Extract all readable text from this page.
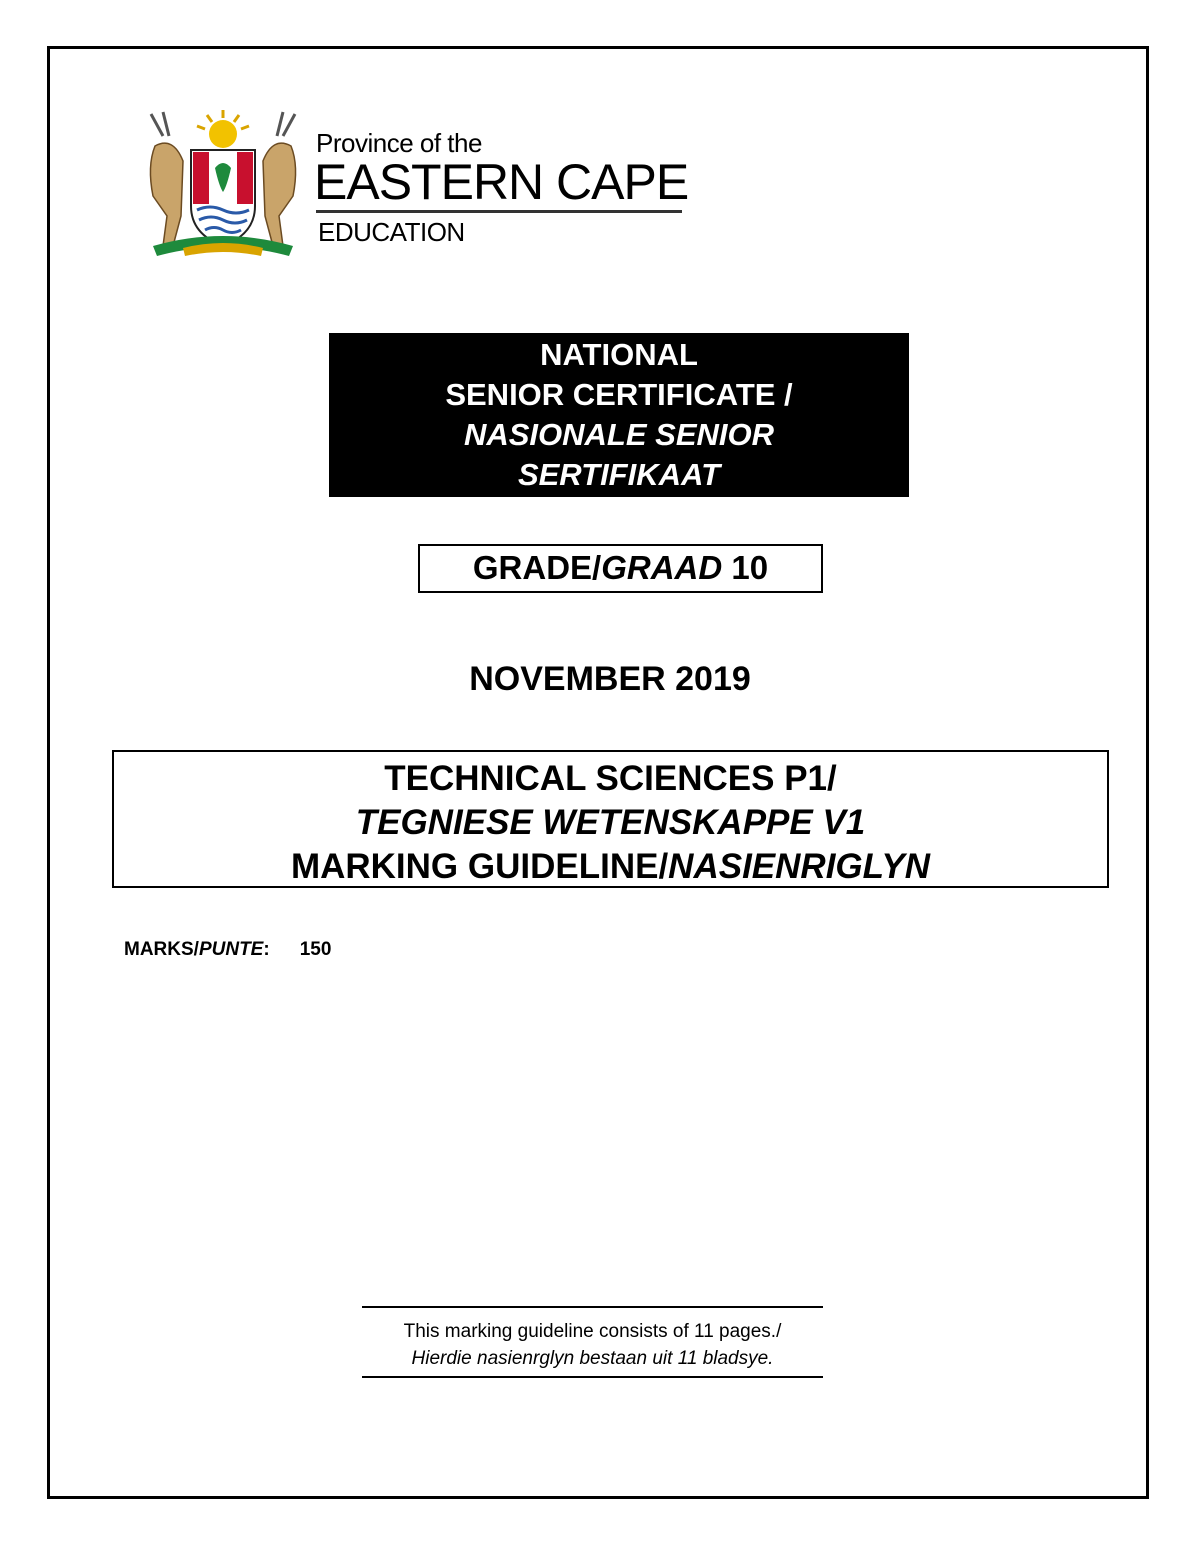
Province of the
EASTERN CAPE
EDUCATION
NATIONAL
SENIOR CERTIFICATE /
NASIONALE SENIOR
SERTIFIKAAT
GRADE/GRAAD 10
NOVEMBER 2019
TECHNICAL SCIENCES P1/
TEGNIESE WETENSKAPPE V1
MARKING GUIDELINE/NASIENRIGLYN
MARKS/PUNTE: 150
This marking guideline consists of 11 pages./
Hierdie nasienrglyn bestaan uit 11 bladsye.
